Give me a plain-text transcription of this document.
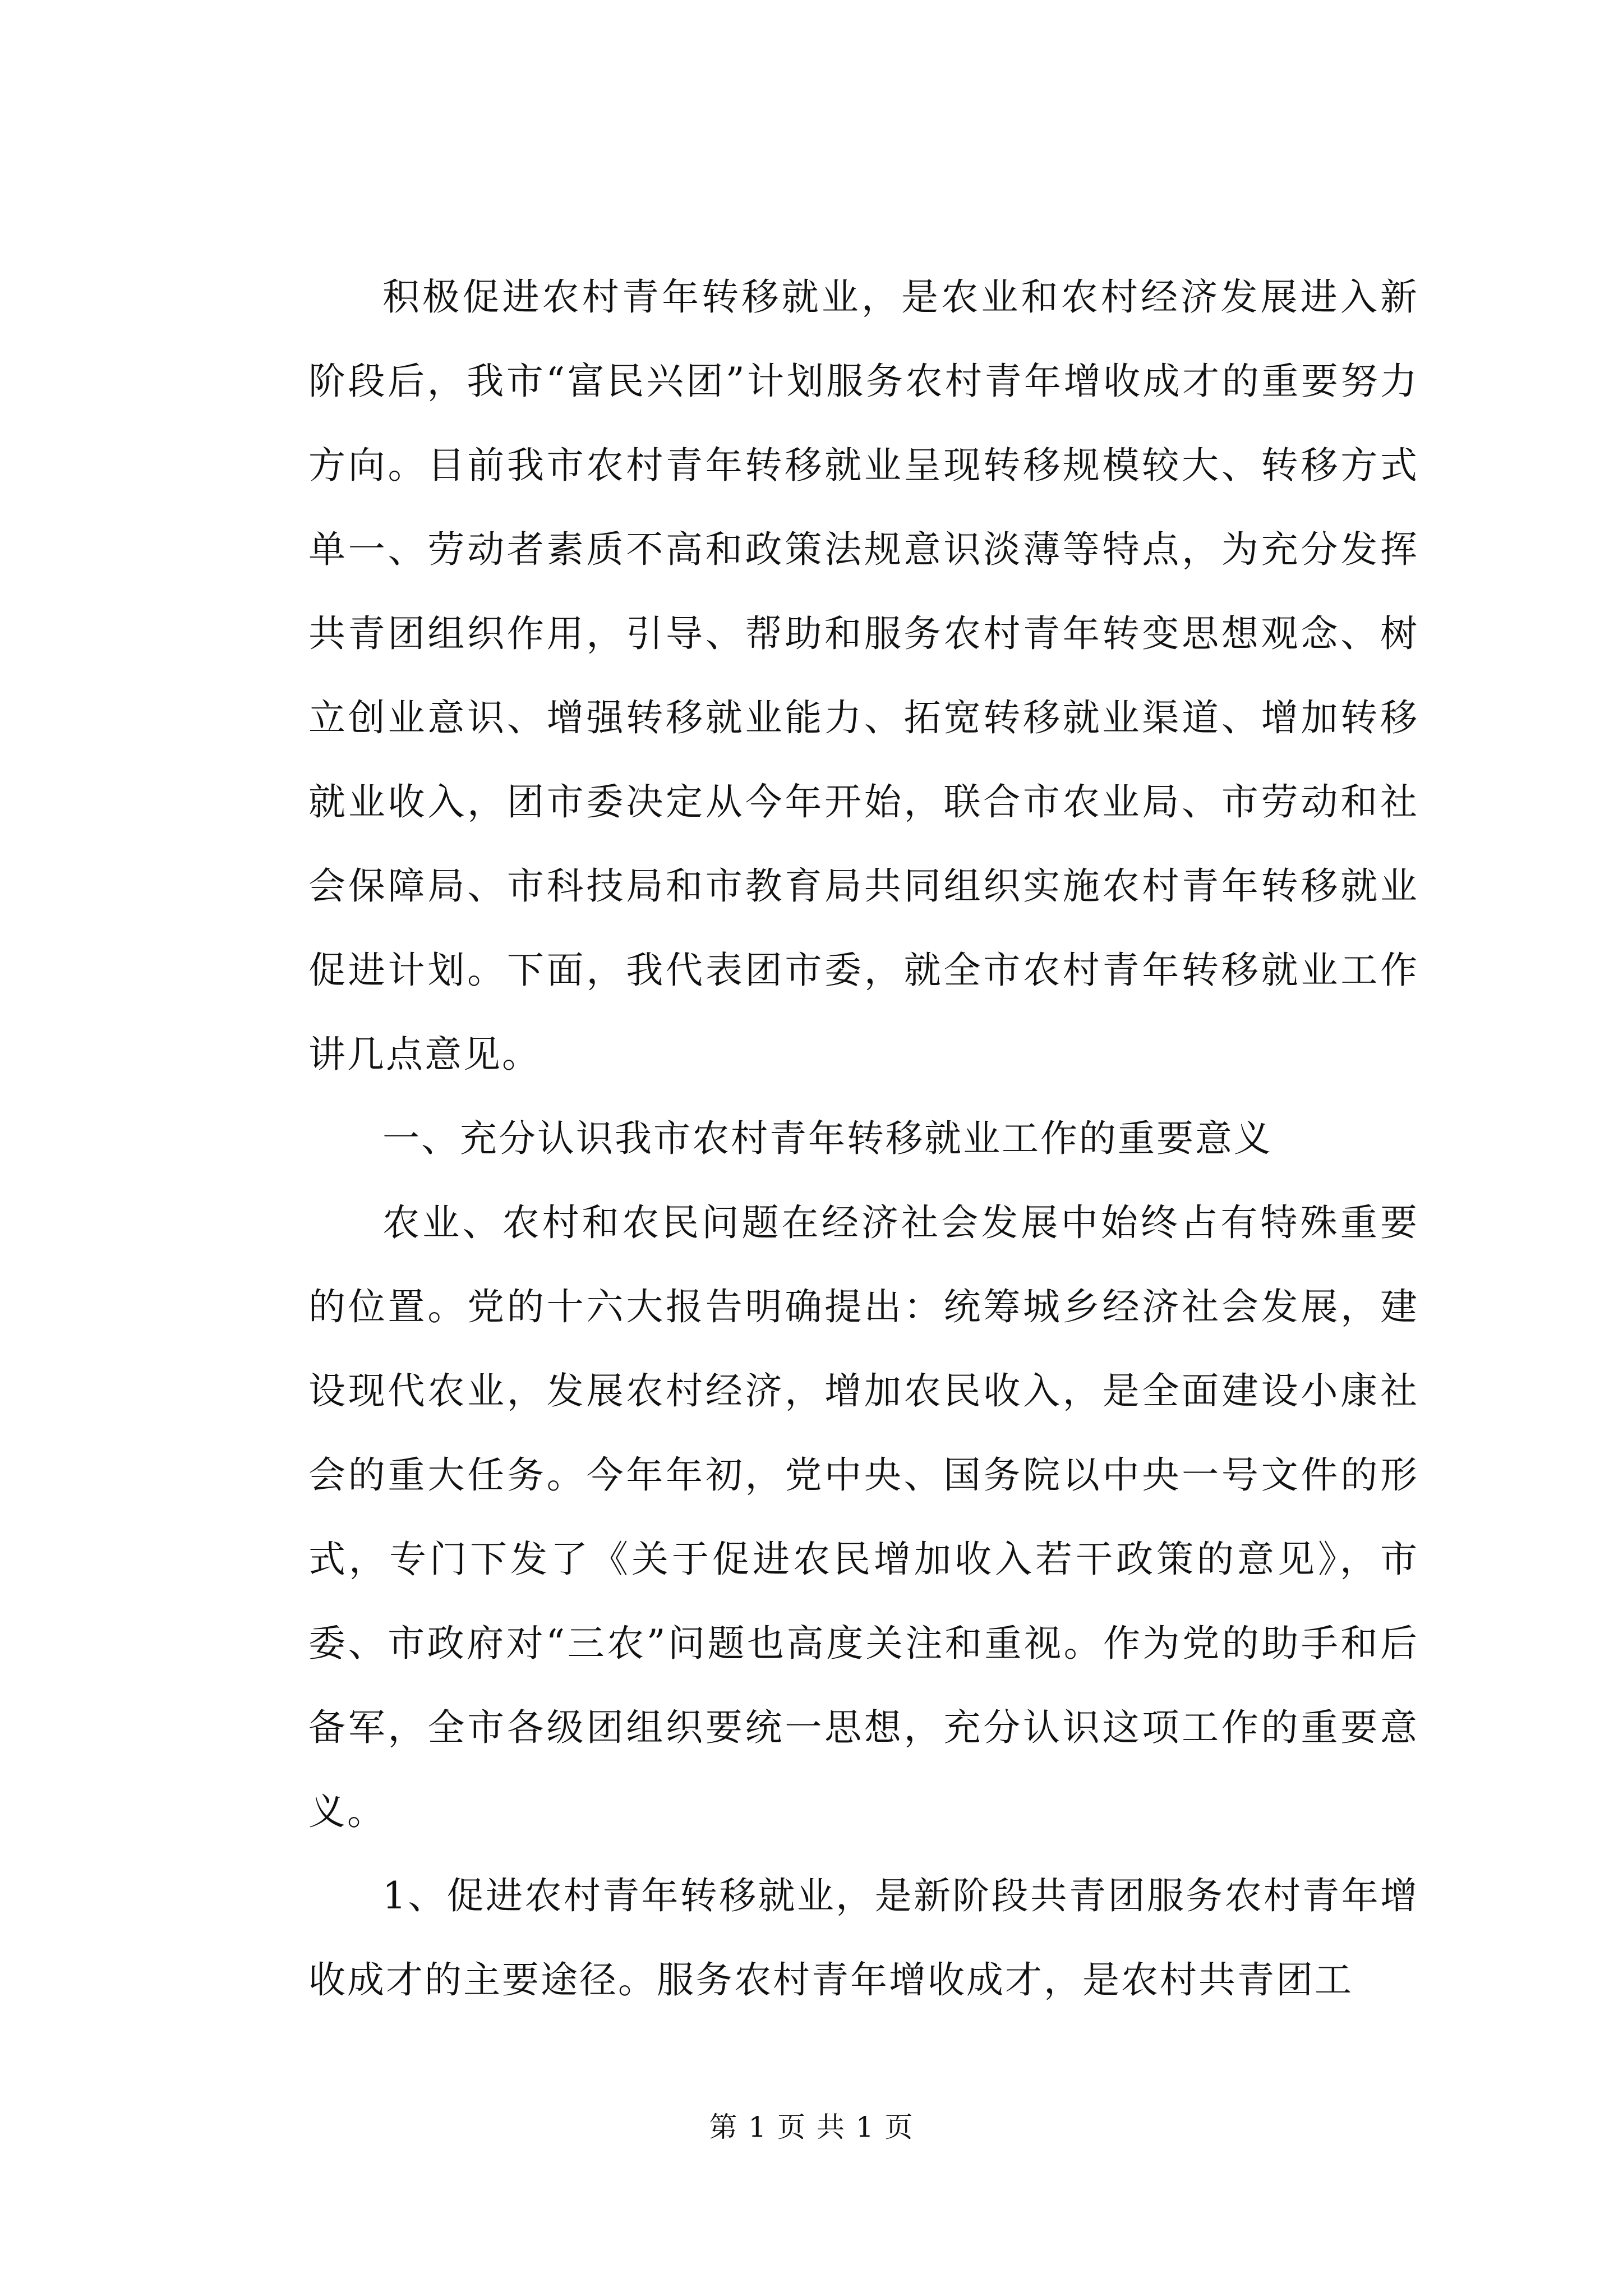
积极促进农村青年转移就业，是农业和农村经济发展进入新阶段后，我市“富民兴团”计划服务农村青年增收成才的重要努力方向。目前我市农村青年转移就业呈现转移规模较大、转移方式单一、劳动者素质不高和政策法规意识淡薄等特点，为充分发挥共青团组织作用，引导、帮助和服务农村青年转变思想观念、树立创业意识、增强转移就业能力、拓宽转移就业渠道、增加转移就业收入，团市委决定从今年开始，联合市农业局、市劳动和社会保障局、市科技局和市教育局共同组织实施农村青年转移就业促进计划。下面，我代表团市委，就全市农村青年转移就业工作讲几点意见。

一、充分认识我市农村青年转移就业工作的重要意义

农业、农村和农民问题在经济社会发展中始终占有特殊重要的位置。党的十六大报告明确提出：统筹城乡经济社会发展，建设现代农业，发展农村经济，增加农民收入，是全面建设小康社会的重大任务。今年年初，党中央、国务院以中央一号文件的形式，专门下发了《关于促进农民增加收入若干政策的意见》，市委、市政府对“三农”问题也高度关注和重视。作为党的助手和后备军，全市各级团组织要统一思想，充分认识这项工作的重要意义。

1、促进农村青年转移就业，是新阶段共青团服务农村青年增收成才的主要途径。服务农村青年增收成才，是农村共青团工

第 1 页 共 1 页
